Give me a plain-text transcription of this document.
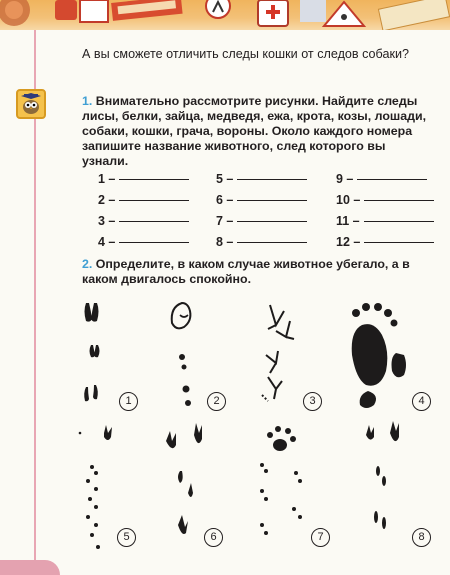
А вы сможете отличить следы кошки от следов собаки?
1. Внимательно рассмотрите рисунки. Найдите следы лисы, белки, зайца, медведя, ежа, крота, козы, лошади, собаки, кошки, грача, вороны. Около каждого номера запишите название животного, след которого вы узнали.
1 –	5 –	9 –
2 –	6 –	10 –
3 –	7 –	11 –
4 –	8 –	12 –
2. Определите, в каком случае животное убегало, а в каком двигалось спокойно.
1	2	3	4
5	6	7	8
